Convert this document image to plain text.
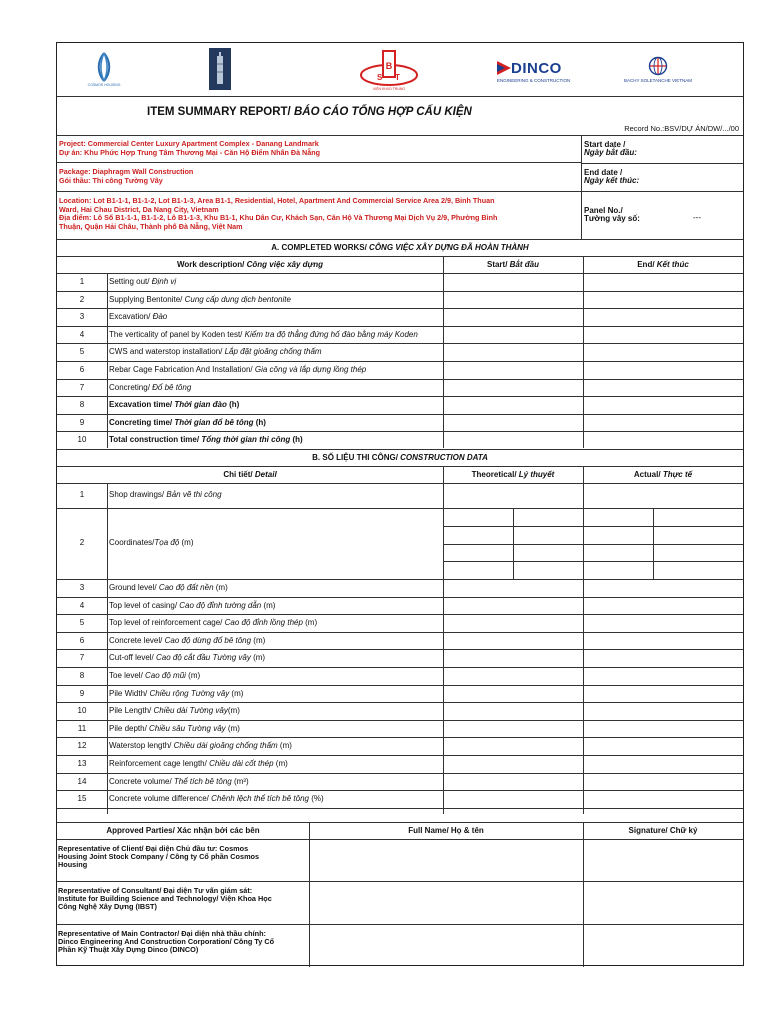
COSMOS HOUSING
B
S T
VIỆN KHXD TRUNG
DINCO
ENGINEERING & CONSTRUCTION	BACHY SOLETANCHE VIETNAM
ITEM SUMMARY REPORT/ BÁO CÁO TỔNG HỢP CẤU KIỆN
Record No.:BSV/DỰ ÁN/DW/.../00
Project: Commercial Center Luxury Apartment Complex - Danang Landmark
Dự án: Khu Phức Hợp Trung Tâm Thương Mại - Căn Hộ Điểm Nhấn Đà Nẵng
Package: Diaphragm Wall Construction
Gói thầu: Thi công Tường Vây
Location: Lot B1-1-1, B1-1-2, Lot B1-1-3, Area B1-1, Residential, Hotel, Apartment And Commercial Service Area 2/9, Binh Thuan
Ward, Hai Chau District, Da Nang City, Vietnam
Địa điểm: Lô Số B1-1-1, B1-1-2, Lô B1-1-3, Khu B1-1, Khu Dân Cư, Khách Sạn, Căn Hộ Và Thương Mại Dịch Vụ 2/9, Phường Bình
Thuận, Quận Hải Châu, Thành phố Đà Nẵng, Việt Nam
Start date /
Ngày bắt đầu:
End date /
Ngày kết thúc:
Panel No./
Tường vây số:	---
A. COMPLETED WORKS/ CÔNG VIỆC XÂY DỰNG ĐÃ HOÀN THÀNH
Work description/ Công việc xây dựng	Start/ Bắt đầu	End/ Kết thúc
1	Setting out/ Định vị
2	Supplying Bentonite/ Cung cấp dung dịch bentonite
3	Excavation/ Đào
4	The verticality of panel by Koden test/ Kiểm tra độ thẳng đứng hố đào bằng máy Koden
5	CWS and waterstop installation/ Lắp đặt gioăng chống thấm
6	Rebar Cage Fabrication And Installation/ Gia công và lắp dựng lồng thép
7	Concreting/ Đổ bê tông
8	Excavation time/ Thời gian đào (h)
9	Concreting time/ Thời gian đổ bê tông (h)
10	Total construction time/ Tổng thời gian thi công (h)
B. SỐ LIỆU THI CÔNG/ CONSTRUCTION DATA
Chi tiết/ Detail	Theoretical/ Lý thuyết	Actual/ Thực tế
1	Shop drawings/ Bản vẽ thi công
2	Coordinates/Tọa độ (m)
3	Ground level/ Cao độ đất nền (m)
4	Top level of casing/ Cao độ đỉnh tường dẫn (m)
5	Top level of reinforcement cage/ Cao độ đỉnh lồng thép (m)
6	Concrete level/ Cao độ dừng đổ bê tông (m)
7	Cut-off level/ Cao độ cắt đầu Tường vây (m)
8	Toe level/ Cao độ mũi (m)
9	Pile Width/ Chiều rộng Tường vây (m)
10	Pile Length/ Chiều dài Tường vây(m)
11	Pile depth/ Chiều sâu Tường vây (m)
12	Waterstop length/ Chiều dài gioăng chống thấm (m)
13	Reinforcement cage length/ Chiều dài cốt thép (m)
14	Concrete volume/ Thể tích bê tông (m³)
15	Concrete volume difference/ Chênh lệch thể tích bê tông (%)
Approved Parties/ Xác nhận bởi các bên	Full Name/ Họ & tên	Signature/ Chữ ký
Representative of Client/ Đại diện Chủ đầu tư: Cosmos
Housing Joint Stock Company / Công ty Cổ phần Cosmos
Housing
Representative of Consultant/ Đại diện Tư vấn giám sát:
Institute for Building Science and Technology/ Viện Khoa Học
Công Nghệ Xây Dựng (IBST)
Representative of Main Contractor/ Đại diện nhà thầu chính:
Dinco Engineering And Construction Corporation/ Công Ty Cổ
Phần Kỹ Thuật Xây Dựng Dinco (DINCO)
